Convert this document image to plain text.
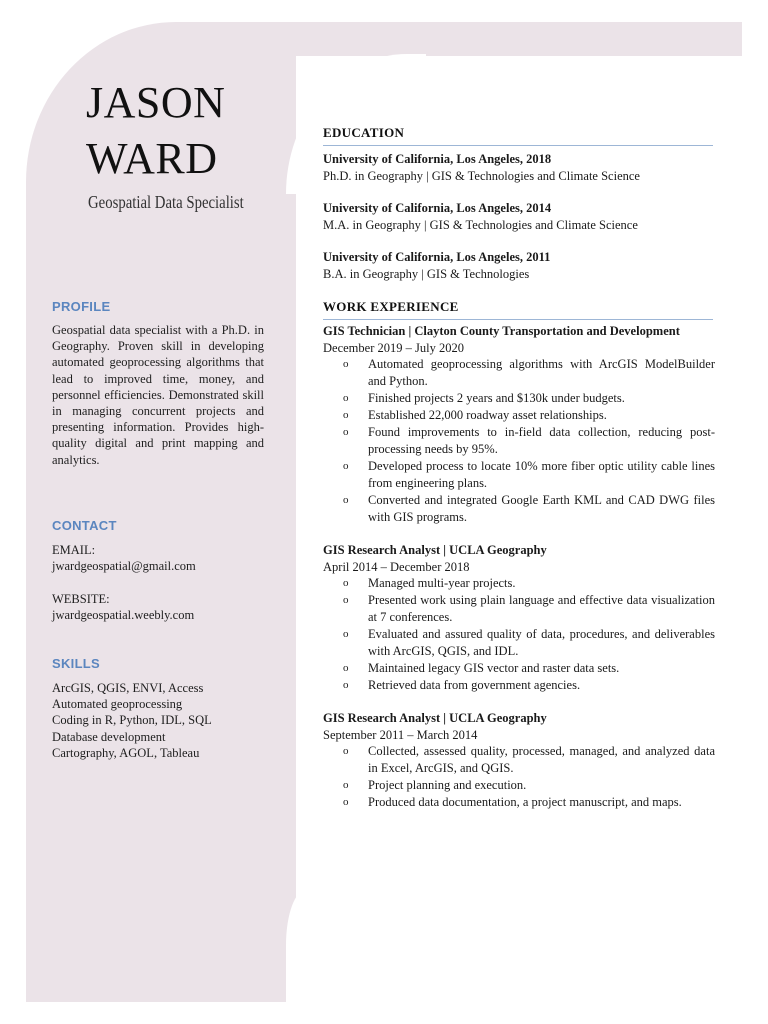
JASON
WARD
Geospatial Data Specialist
PROFILE
Geospatial data specialist with a Ph.D. in Geography. Proven skill in developing automated geoprocessing algorithms that lead to improved time, money, and personnel efficiencies. Demonstrated skill in managing concurrent projects and presenting information. Provides high-quality digital and print mapping and analytics.
CONTACT
EMAIL:
jwardgeospatial@gmail.com
WEBSITE:
jwardgeospatial.weebly.com
SKILLS
ArcGIS, QGIS, ENVI, Access
Automated geoprocessing
Coding in R, Python, IDL, SQL
Database development
Cartography, AGOL, Tableau
EDUCATION
University of California, Los Angeles, 2018
Ph.D. in Geography | GIS & Technologies and Climate Science
University of California, Los Angeles, 2014
M.A. in Geography | GIS & Technologies and Climate Science
University of California, Los Angeles, 2011
B.A. in Geography | GIS & Technologies
WORK EXPERIENCE
GIS Technician | Clayton County Transportation and Development
December 2019 – July 2020
o Automated geoprocessing algorithms with ArcGIS ModelBuilder and Python.
o Finished projects 2 years and $130k under budgets.
o Established 22,000 roadway asset relationships.
o Found improvements to in-field data collection, reducing post-processing needs by 95%.
o Developed process to locate 10% more fiber optic utility cable lines from engineering plans.
o Converted and integrated Google Earth KML and CAD DWG files with GIS programs.
GIS Research Analyst | UCLA Geography
April 2014 – December 2018
o Managed multi-year projects.
o Presented work using plain language and effective data visualization at 7 conferences.
o Evaluated and assured quality of data, procedures, and deliverables with ArcGIS, QGIS, and IDL.
o Maintained legacy GIS vector and raster data sets.
o Retrieved data from government agencies.
GIS Research Analyst | UCLA Geography
September 2011 – March 2014
o Collected, assessed quality, processed, managed, and analyzed data in Excel, ArcGIS, and QGIS.
o Project planning and execution.
o Produced data documentation, a project manuscript, and maps.
